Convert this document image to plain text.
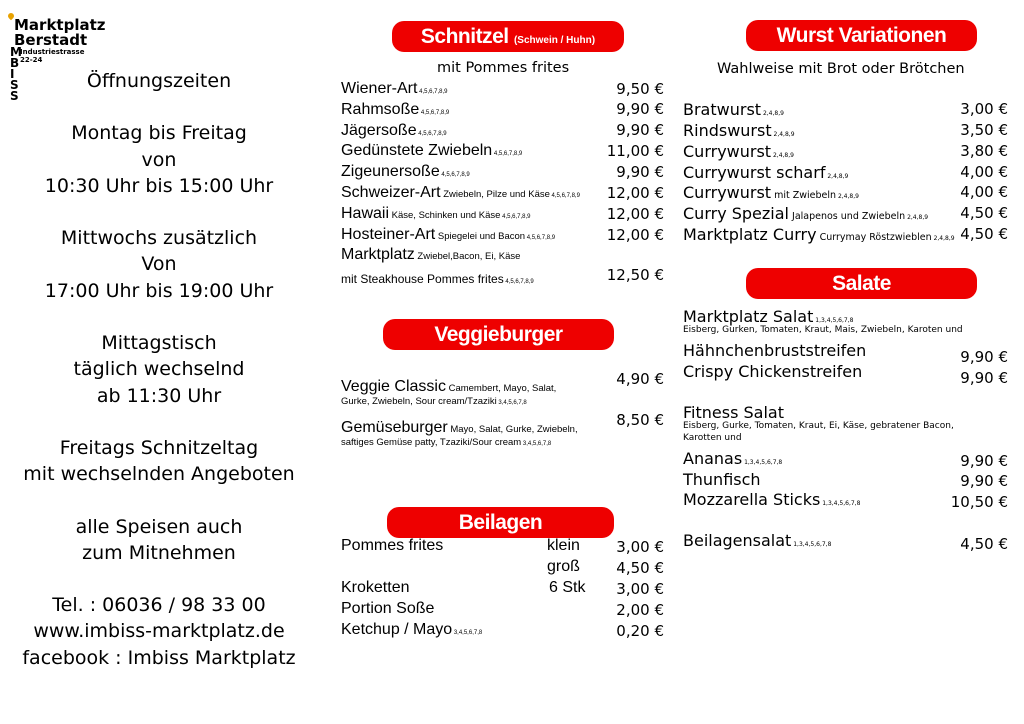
Marktplatz
Berstadt
Industriestrasse 22-24
M
B
I
S
S
Öffnungszeiten
Montag bis Freitag
von
10:30 Uhr bis 15:00 Uhr
Mittwochs zusätzlich
Von
17:00 Uhr bis 19:00 Uhr
Mittagstisch
täglich wechselnd
ab 11:30 Uhr
Freitags Schnitzeltag
mit wechselnden Angeboten
alle Speisen auch
zum Mitnehmen
Tel. : 06036 / 98 33 00
www.imbiss-marktplatz.de
facebook : Imbiss Marktplatz
Schnitzel (Schwein / Huhn)
mit Pommes frites
Wiener-Art 4,5,6,7,8,9	9,50 €
Rahmsoße 4,5,6,7,8,9	9,90 €
Jägersoße 4,5,6,7,8,9	9,90 €
Gedünstete Zwiebeln 4,5,6,7,8,9	11,00 €
Zigeunersoße 4,5,6,7,8,9	9,90 €
Schweizer-Art Zwiebeln, Pilze und Käse 4,5,6,7,8,9	12,00 €
Hawaii Käse, Schinken und Käse 4,5,6,7,8,9	12,00 €
Hosteiner-Art Spiegelei und Bacon 4,5,6,7,8,9	12,00 €
Marktplatz Zwiebel,Bacon, Ei, Käse
mit Steakhouse Pommes frites 4,5,6,7,8,9	12,50 €
Veggieburger
Veggie Classic Camembert, Mayo, Salat,
Gurke, Zwiebeln, Sour cream/Tzaziki 3,4,5,6,7,8
4,90 €
Gemüseburger Mayo, Salat, Gurke, Zwiebeln,
saftiges Gemüse patty, Tzaziki/Sour cream 3,4,5,6,7,8
8,50 €
Beilagen
Pommes frites	klein	3,00 €
groß	4,50 €
Kroketten	6 Stk	3,00 €
Portion Soße	2,00 €
Ketchup / Mayo 3,4,5,6,7,8	0,20 €
Wurst Variationen
Wahlweise mit Brot oder Brötchen
Bratwurst 2,4,8,9	3,00 €
Rindswurst 2,4,8,9	3,50 €
Currywurst 2,4,8,9	3,80 €
Currywurst scharf 2,4,8,9	4,00 €
Currywurst mit Zwiebeln 2,4,8,9	4,00 €
Curry Spezial Jalapenos und Zwiebeln 2,4,8,9	4,50 €
Marktplatz Curry Currymay Röstzwieblen 2,4,8,9 4,50 €
Salate
Marktplatz Salat 1,3,4,5,6,7,8
Eisberg, Gurken, Tomaten, Kraut, Mais, Zwiebeln, Karoten und
Hähnchenbruststreifen	9,90 €
Crispy Chickenstreifen	9,90 €
Fitness Salat
Eisberg, Gurke, Tomaten, Kraut, Ei, Käse, gebratener Bacon,
Karotten und
Ananas 1,3,4,5,6,7,8	9,90 €
Thunfisch	9,90 €
Mozzarella Sticks 1,3,4,5,6,7,8	10,50 €
Beilagensalat 1,3,4,5,6,7,8	4,50 €
